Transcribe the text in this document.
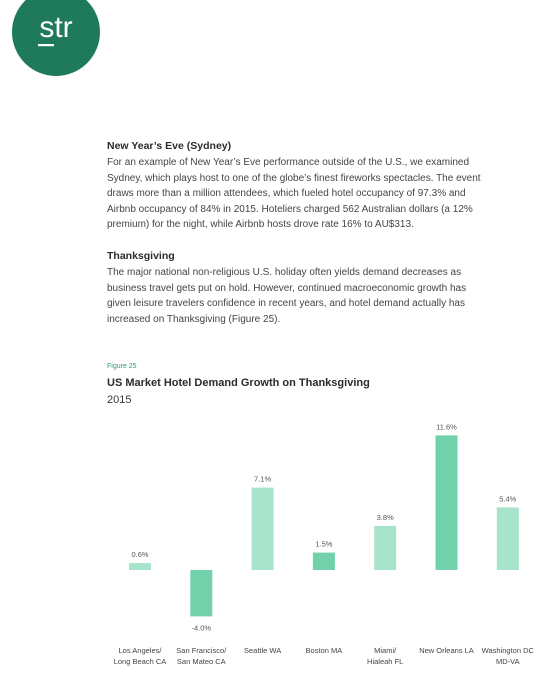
str

New Year’s Eve (Sydney)

For an example of New Year’s Eve performance outside of the U.S., we examined Sydney, which plays host to one of the globe’s finest fireworks spectacles. The event draws more than a million attendees, which fueled hotel occupancy of 97.3% and Airbnb occupancy of 84% in 2015. Hoteliers charged 562 Australian dollars (a 12% premium) for the night, while Airbnb hosts drove rate 16% to AU$313.

Thanksgiving

The major national non-religious U.S. holiday often yields demand decreases as business travel gets put on hold. However, continued macroeconomic growth has given leisure travelers confidence in recent years, and hotel demand actually has increased on Thanksgiving (Figure 25).

Figure 25
US Market Hotel Demand Growth on Thanksgiving
2015
0.6%
Los Angeles/
Long Beach CA
-4.0%
San Francisco/
San Mateo CA
7.1%
Seattle WA
1.5%
Boston MA
3.8%
Miami/
Hialeah FL
11.6%
New Orleans LA
5.4%
Washington DC
MD-VA
